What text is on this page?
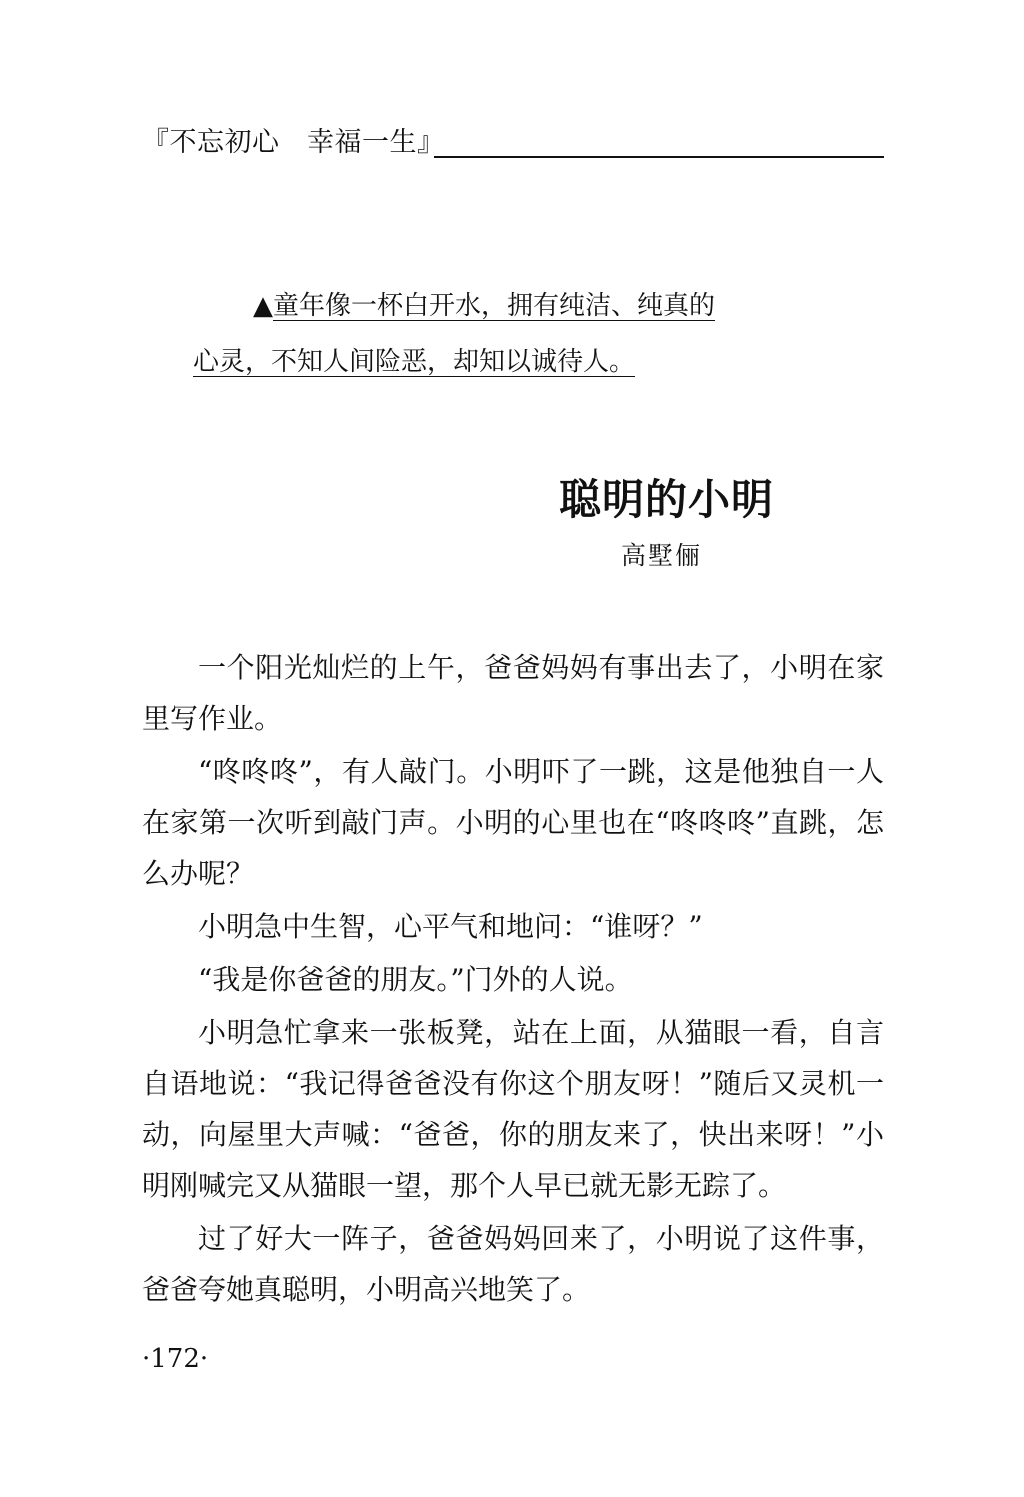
『不忘初心　幸福一生』
▲童年像一杯白开水，拥有纯洁、纯真的
心灵，不知人间险恶，却知以诚待人。
聪明的小明
高墅俪

一个阳光灿烂的上午，爸爸妈妈有事出去了，小明在家里写作业。

“咚咚咚”，有人敲门。小明吓了一跳，这是他独自一人在家第一次听到敲门声。小明的心里也在“咚咚咚”直跳，怎么办呢？

小明急中生智，心平气和地问：“谁呀？”

“我是你爸爸的朋友。”门外的人说。

小明急忙拿来一张板凳，站在上面，从猫眼一看，自言自语地说：“我记得爸爸没有你这个朋友呀！”随后又灵机一动，向屋里大声喊：“爸爸，你的朋友来了，快出来呀！”小明刚喊完又从猫眼一望，那个人早已就无影无踪了。

过了好大一阵子，爸爸妈妈回来了，小明说了这件事，爸爸夸她真聪明，小明高兴地笑了。

·172·
